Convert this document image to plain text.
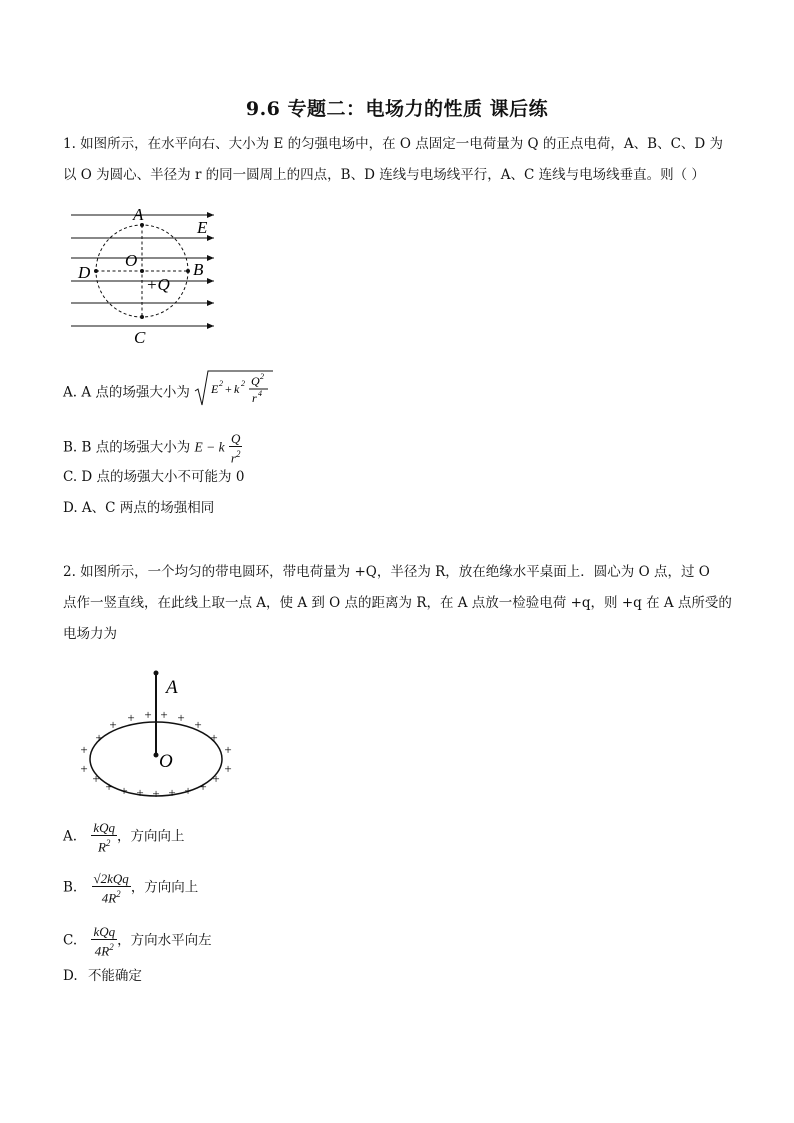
9.6 专题二：电场力的性质 课后练
1. 如图所示，在水平向右、大小为 E 的匀强电场中，在 O 点固定一电荷量为 Q 的正点电荷，A、B、C、D 为
以 O 为圆心、半径为 r 的同一圆周上的四点，B、D 连线与电场线平行，A、C 连线与电场线垂直。则（ ）
A
E
O
D	B
+Q
C
A. A 点的场强大小为 E 2 + k 2 Q 2
r 4
B. B 点的场强大小为 E − k $\frac{Q}{r^2}$
C. D 点的场强大小不可能为 0
D. A、C 两点的场强相同
2. 如图所示，一个均匀的带电圆环，带电荷量为 +Q，半径为 R，放在绝缘水平桌面上．圆心为 O 点，过 O
点作一竖直线，在此线上取一点 A，使 A 到 O 点的距离为 R，在 A 点放一检验电荷 +q，则 +q 在 A 点所受的
电场力为
A
O
+
+ + + + + +
+
+	+
+	+
+	+
+	+
+ + + + +
A. $\frac{\text{kQq}}{R^2}$ ，方向向上
B. $\frac{\text{√2kQq}}{4R^2}$ ，方向向上
C. $\frac{\text{kQq}}{4R^2}$ ，方向水平向左
D. 不能确定
